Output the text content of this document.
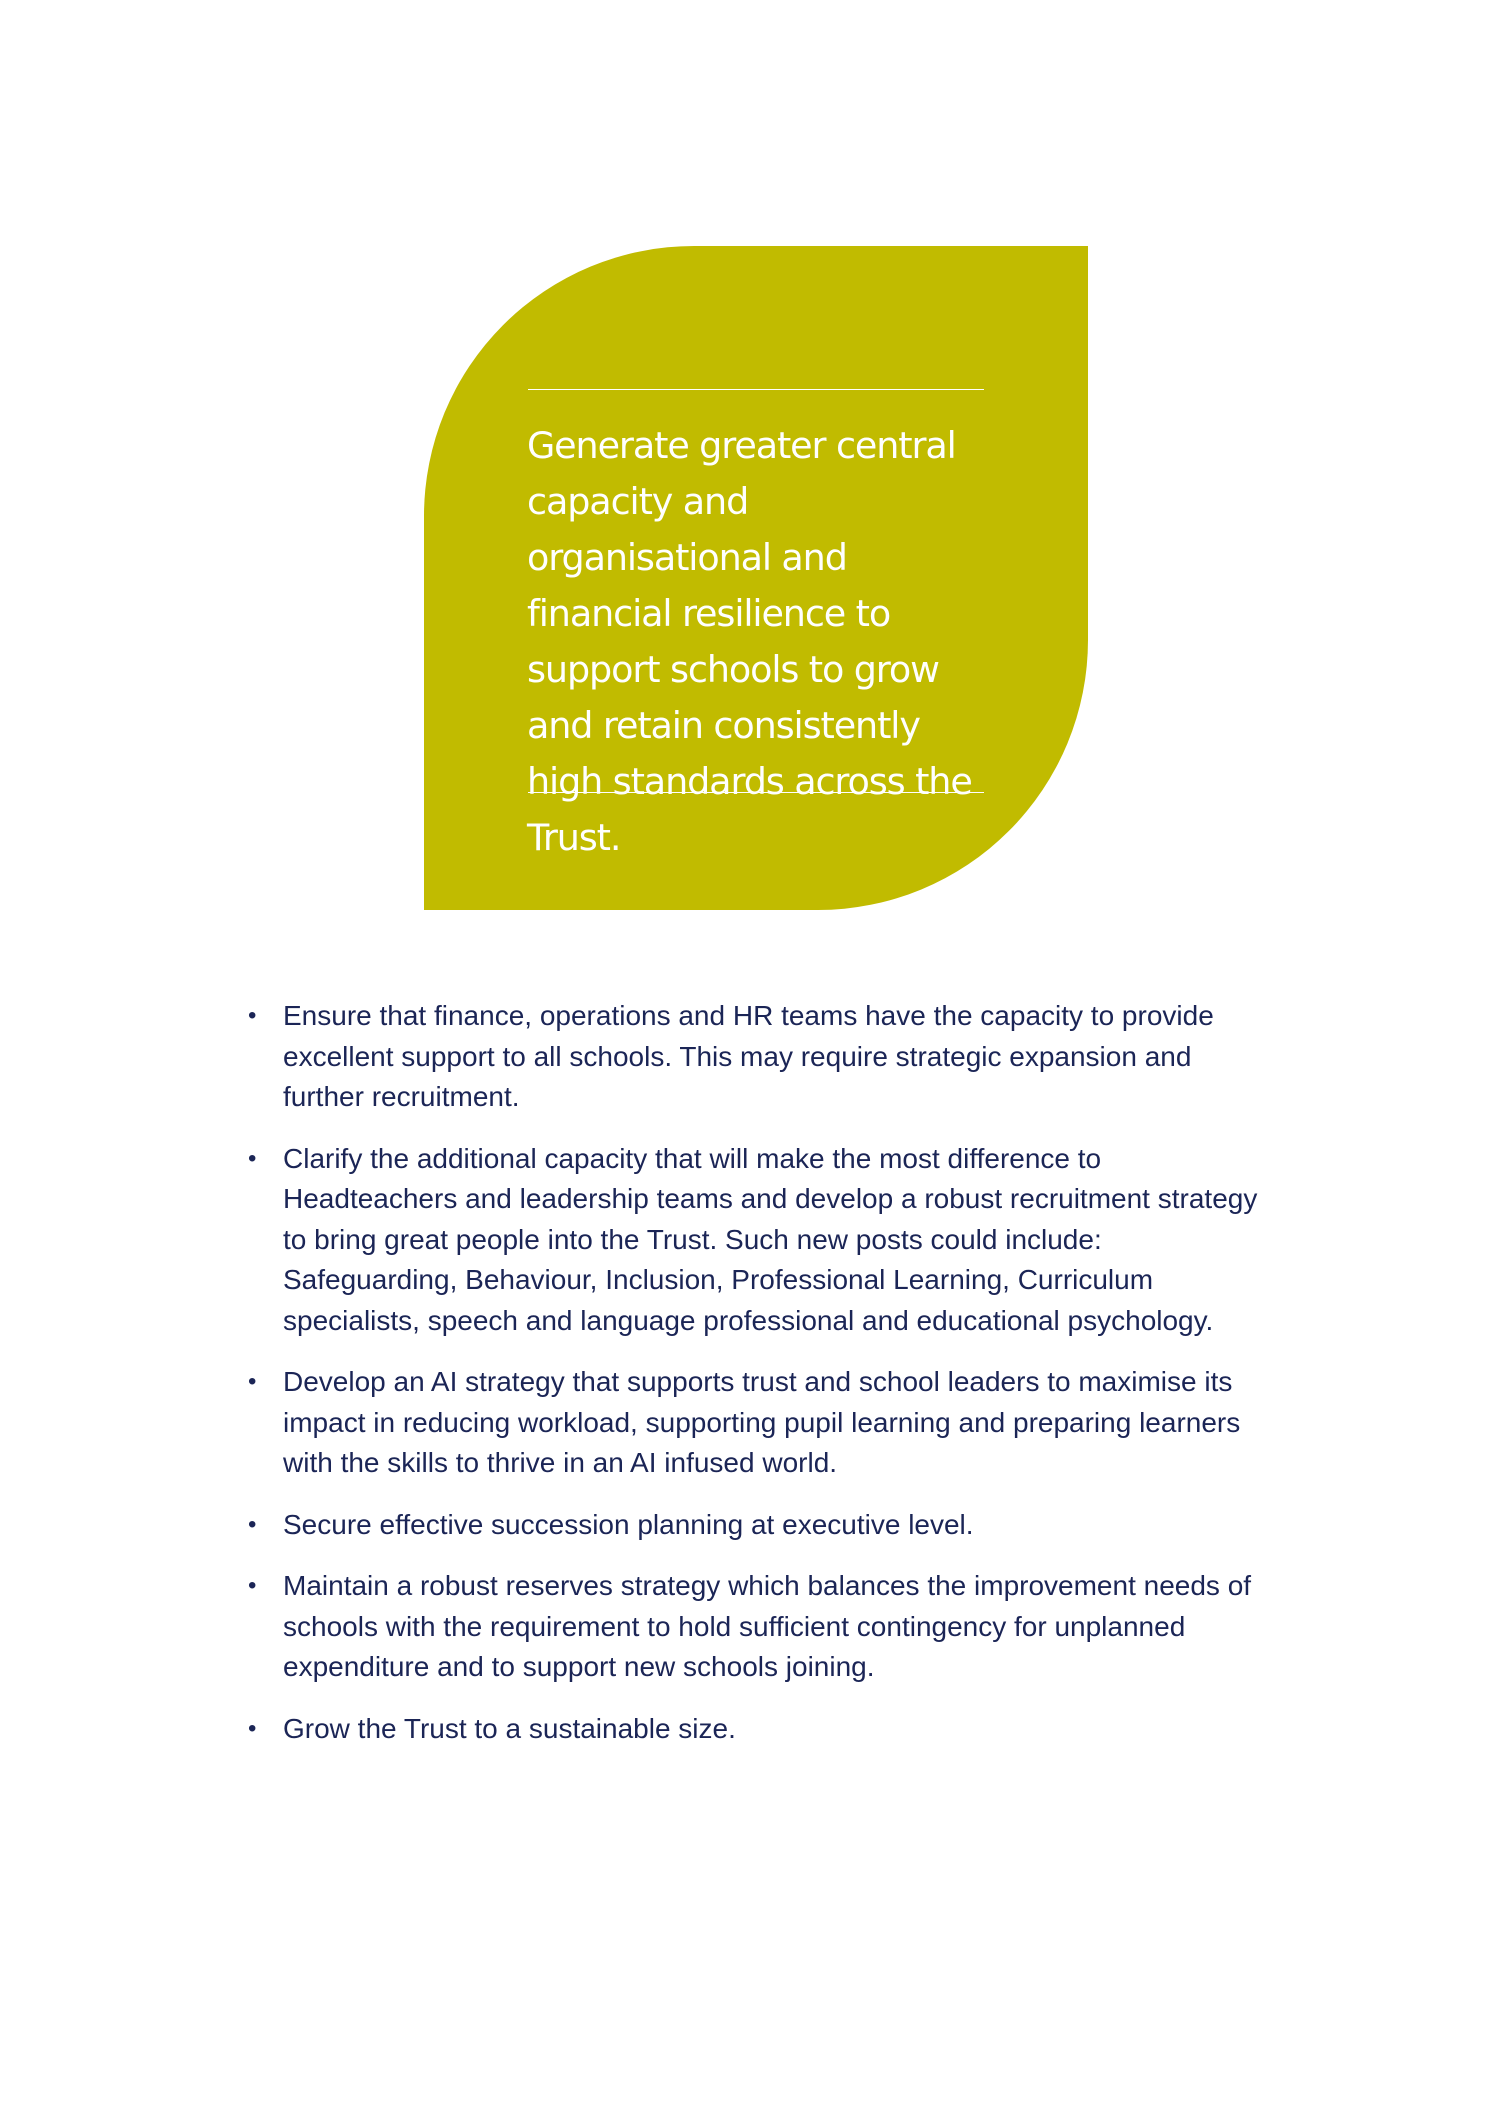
Generate greater central capacity and organisational and financial resilience to support schools to grow and retain consistently high standards across the Trust.

• Ensure that finance, operations and HR teams have the capacity to provide excellent support to all schools. This may require strategic expansion and further recruitment.
• Clarify the additional capacity that will make the most difference to Headteachers and leadership teams and develop a robust recruitment strategy to bring great people into the Trust. Such new posts could include: Safeguarding, Behaviour, Inclusion, Professional Learning, Curriculum specialists, speech and language professional and educational psychology.
• Develop an AI strategy that supports trust and school leaders to maximise its impact in reducing workload, supporting pupil learning and preparing learners with the skills to thrive in an AI infused world.
• Secure effective succession planning at executive level.
• Maintain a robust reserves strategy which balances the improvement needs of schools with the requirement to hold sufficient contingency for unplanned expenditure and to support new schools joining.
• Grow the Trust to a sustainable size.
